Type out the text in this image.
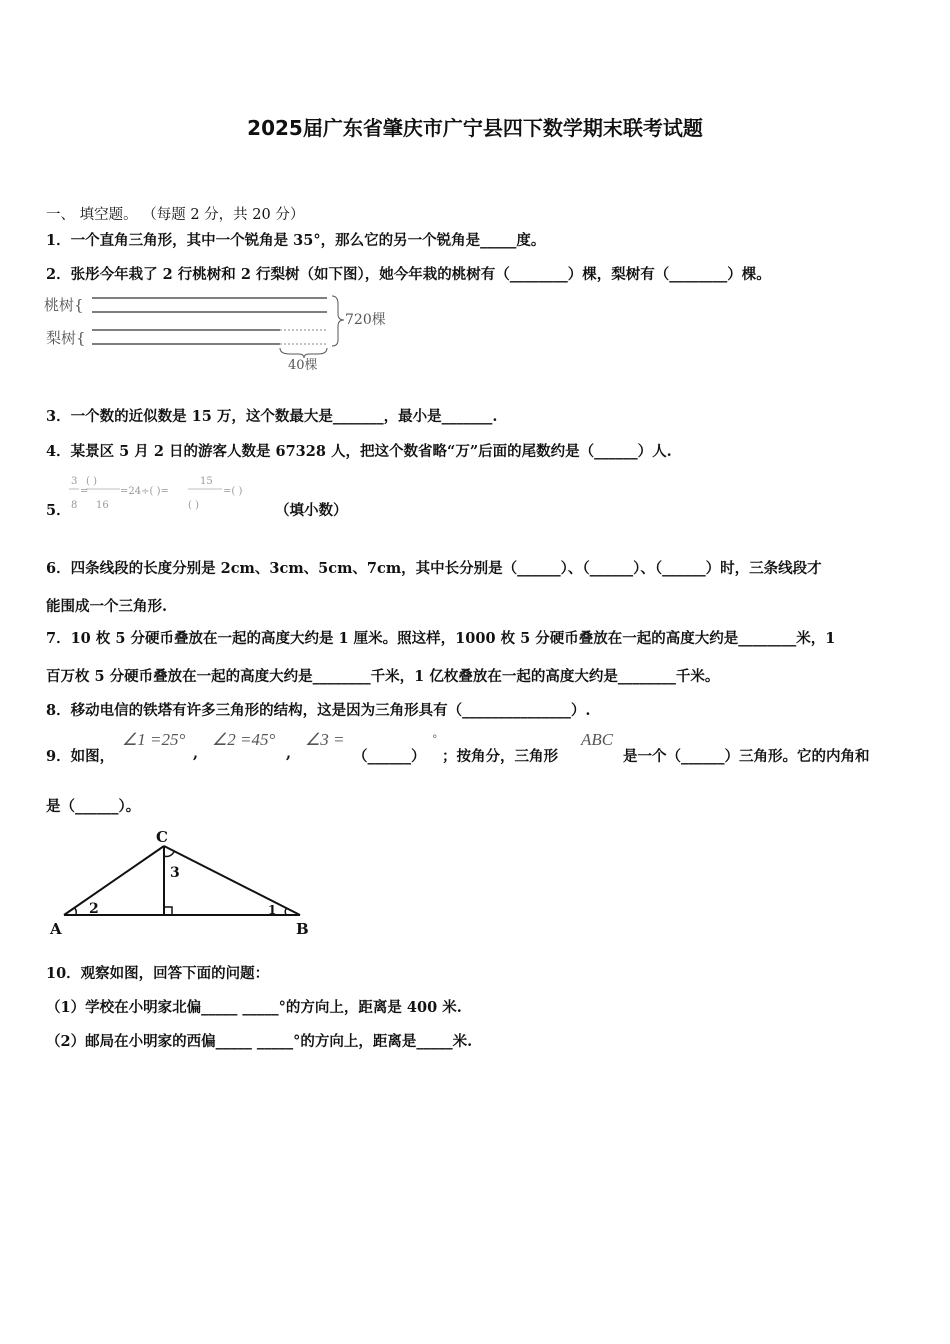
2025届广东省肇庆市广宁县四下数学期末联考试题
一、 填空题。 （每题 2 分，共 20 分）
1．一个直角三角形，其中一个锐角是 35°，那么它的另一个锐角是_____度。
2．张彤今年栽了 2 行桃树和 2 行梨树（如下图），她今年栽的桃树有（________）棵，梨树有（________）棵。
桃树{
梨树{
720棵
40棵
3．一个数的近似数是 15 万，这个数最大是_______，最小是_______.
4．某景区 5 月 2 日的游客人数是 67328 人，把这个数省略“万”后面的尾数约是（______）人.
5．
3
8
=
( )
16
=24÷( )=
15
( )
=( )
（填小数）
6．四条线段的长度分别是 2cm、3cm、5cm、7cm，其中长分别是（______）、（______）、（______）时，三条线段才
能围成一个三角形.
7．10 枚 5 分硬币叠放在一起的高度大约是 1 厘米。照这样，1000 枚 5 分硬币叠放在一起的高度大约是________米，1
百万枚 5 分硬币叠放在一起的高度大约是________千米，1 亿枚叠放在一起的高度大约是________千米。
8．移动电信的铁塔有许多三角形的结构，这是因为三角形具有（_______________）.
9．如图，
∠1 =25°
,
∠2 =45°
,
∠3 =
（______）
°
；按角分，三角形
ABC
是一个（______）三角形。它的内角和
是（______）。
C
A	B
2
3
1
10．观察如图，回答下面的问题：
（1）学校在小明家北偏_____ _____°的方向上，距离是 400 米.
（2）邮局在小明家的西偏_____ _____°的方向上，距离是_____米.
